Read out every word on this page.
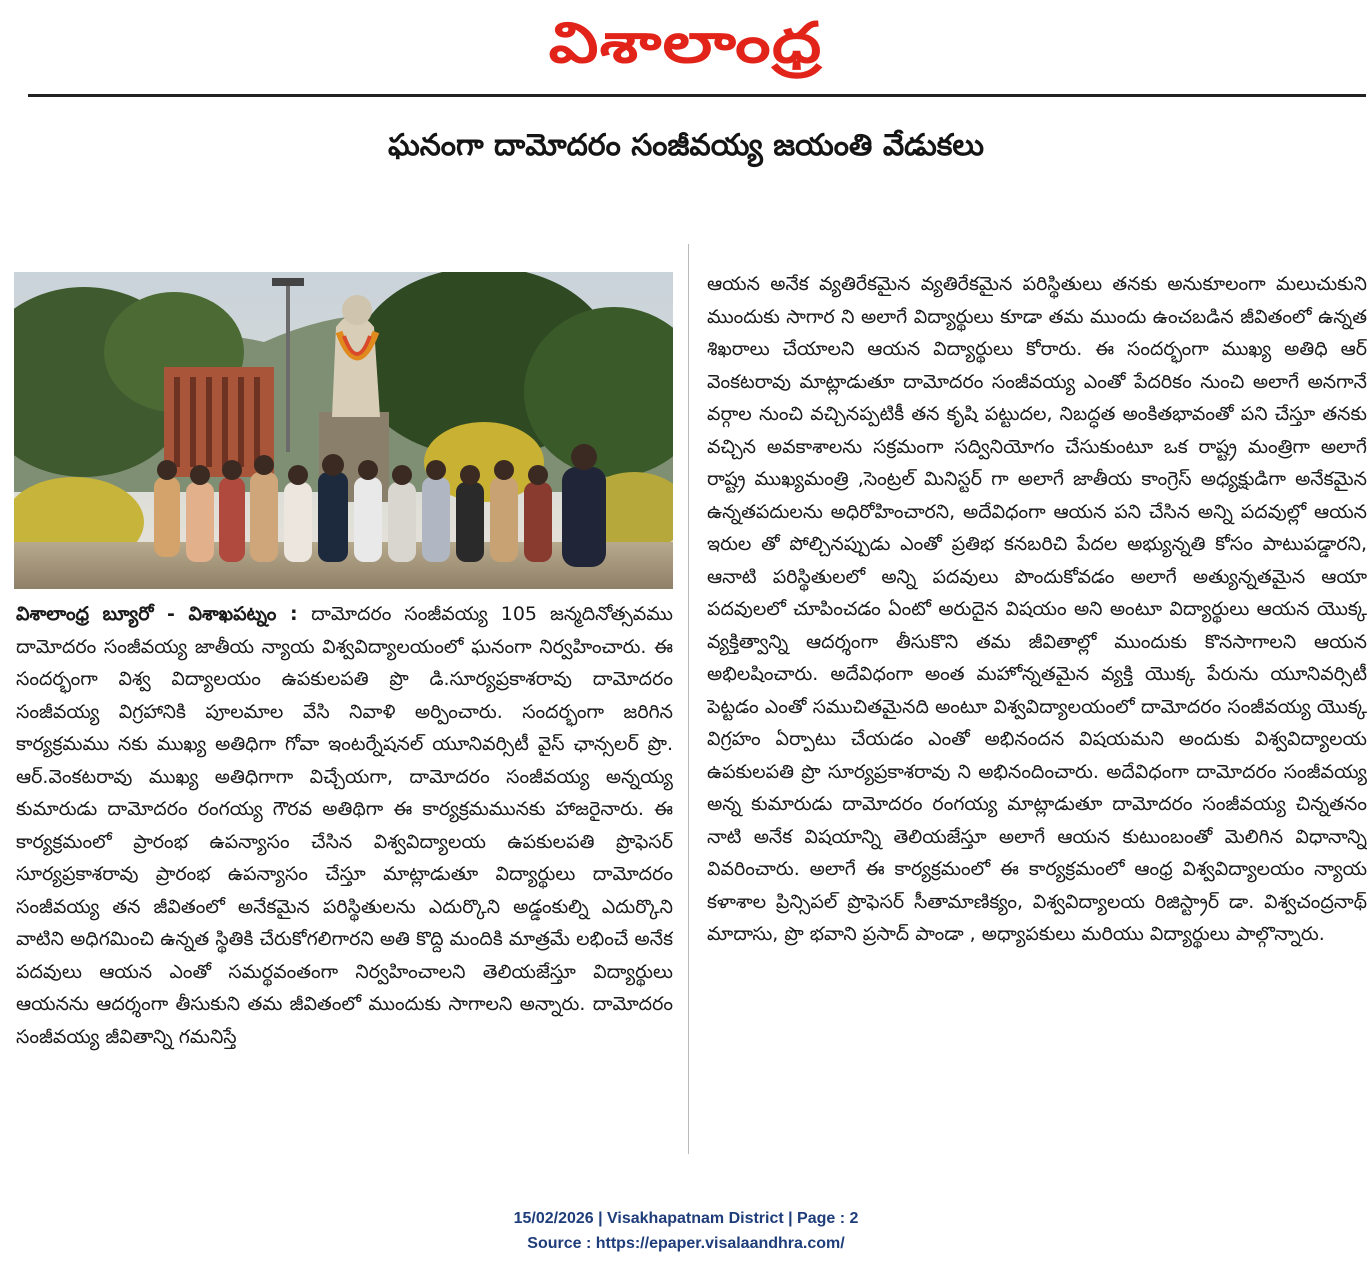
విశాలాంధ్ర
ఘనంగా దామోదరం సంజీవయ్య జయంతి వేడుకలు
విశాలాంధ్ర బ్యూరో - విశాఖపట్నం : దామోదరం సంజీవయ్య 105 జన్మదినోత్సవము దామోదరం సంజీవయ్య జాతీయ న్యాయ విశ్వవిద్యాలయంలో ఘనంగా నిర్వహించారు. ఈ సందర్భంగా విశ్వ విద్యాలయం ఉపకులపతి ప్రొ డి.సూర్యప్రకాశరావు దామోదరం సంజీవయ్య విగ్రహానికి పూలమాల వేసి నివాళి అర్పించారు. సందర్భంగా జరిగిన కార్యక్రమము నకు ముఖ్య అతిధిగా గోవా ఇంటర్నేషనల్ యూనివర్సిటీ వైస్ ఛాన్సలర్ ప్రొ. ఆర్.వెంకటరావు ముఖ్య అతిధిగాగా విచ్చేయగా, దామోదరం సంజీవయ్య అన్నయ్య కుమారుడు దామోదరం రంగయ్య గౌరవ అతిథిగా ఈ కార్యక్రమమునకు హాజరైనారు. ఈ కార్యక్రమంలో ప్రారంభ ఉపన్యాసం చేసిన విశ్వవిద్యాలయ ఉపకులపతి ప్రొఫెసర్ సూర్యప్రకాశరావు ప్రారంభ ఉపన్యాసం చేస్తూ మాట్లాడుతూ విద్యార్థులు దామోదరం సంజీవయ్య తన జీవితంలో అనేకమైన పరిస్థితులను ఎదుర్కొని అడ్డంకుల్ని ఎదుర్కొని వాటిని అధిగమించి ఉన్నత స్థితికి చేరుకోగలిగారని అతి కొద్ది మందికి మాత్రమే లభించే అనేక పదవులు ఆయన ఎంతో సమర్థవంతంగా నిర్వహించాలని తెలియజేస్తూ విద్యార్థులు ఆయనను ఆదర్శంగా తీసుకుని తమ జీవితంలో ముందుకు సాగాలని అన్నారు. దామోదరం సంజీవయ్య జీవితాన్ని గమనిస్తే
ఆయన అనేక వ్యతిరేకమైన వ్యతిరేకమైన పరిస్థితులు తనకు అనుకూలంగా మలుచుకుని ముందుకు సాగార ని అలాగే విద్యార్థులు కూడా తమ ముందు ఉంచబడిన జీవితంలో ఉన్నత శిఖరాలు చేయాలని ఆయన విద్యార్థులు కోరారు. ఈ సందర్భంగా ముఖ్య అతిధి ఆర్ వెంకటరావు మాట్లాడుతూ దామోదరం సంజీవయ్య ఎంతో పేదరికం నుంచి అలాగే అనగానే వర్గాల నుంచి వచ్చినప్పటికీ తన కృషి పట్టుదల, నిబద్ధత అంకితభావంతో పని చేస్తూ తనకు వచ్చిన అవకాశాలను సక్రమంగా సద్వినియోగం చేసుకుంటూ ఒక రాష్ట్ర మంత్రిగా అలాగే రాష్ట్ర ముఖ్యమంత్రి ,సెంట్రల్ మినిస్టర్ గా అలాగే జాతీయ కాంగ్రెస్ అధ్యక్షుడిగా అనేకమైన ఉన్నతపదులను అధిరోహించారని, అదేవిధంగా ఆయన పని చేసిన అన్ని పదవుల్లో ఆయన ఇరుల తో పోల్చినప్పుడు ఎంతో ప్రతిభ కనబరిచి పేదల అభ్యున్నతి కోసం పాటుపడ్డారని, ఆనాటి పరిస్థితులలో అన్ని పదవులు పొందుకోవడం అలాగే అత్యున్నతమైన ఆయా పదవులలో చూపించడం ఏంటో అరుదైన విషయం అని అంటూ విద్యార్థులు ఆయన యొక్క వ్యక్తిత్వాన్ని ఆదర్శంగా తీసుకొని తమ జీవితాల్లో ముందుకు కొనసాగాలని ఆయన అభిలషించారు. అదేవిధంగా అంత మహోన్నతమైన వ్యక్తి యొక్క పేరును యూనివర్సిటీ పెట్టడం ఎంతో సముచితమైనది అంటూ విశ్వవిద్యాలయంలో దామోదరం సంజీవయ్య యొక్క విగ్రహం ఏర్పాటు చేయడం ఎంతో అభినందన విషయమని అందుకు విశ్వవిద్యాలయ ఉపకులపతి ప్రొ సూర్యప్రకాశరావు ని అభినందించారు. అదేవిధంగా దామోదరం సంజీవయ్య అన్న కుమారుడు దామోదరం రంగయ్య మాట్లాడుతూ దామోదరం సంజీవయ్య చిన్నతనం నాటి అనేక విషయాన్ని తెలియజేస్తూ అలాగే ఆయన కుటుంబంతో మెలిగిన విధానాన్ని వివరించారు. అలాగే ఈ కార్యక్రమంలో ఈ కార్యక్రమంలో ఆంధ్ర విశ్వవిద్యాలయం న్యాయ కళాశాల ప్రిన్సిపల్ ప్రొఫెసర్ సీతామాణిక్యం, విశ్వవిద్యాలయ రిజిస్ట్రార్ డా. విశ్వచంద్రనాథ్ మాదాసు, ప్రొ భవాని ప్రసాద్ పాండా , అధ్యాపకులు మరియు విద్యార్థులు పాల్గొన్నారు.
15/02/2026 | Visakhapatnam District | Page : 2
Source : https://epaper.visalaandhra.com/
